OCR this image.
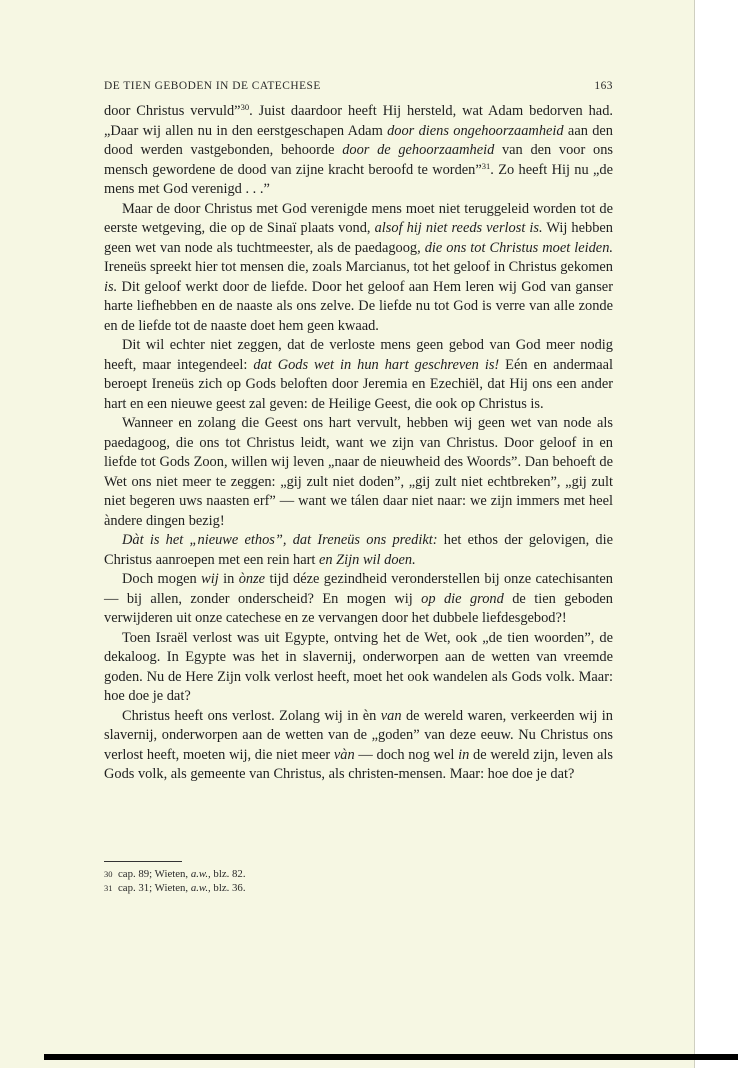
DE TIEN GEBODEN IN DE CATECHESE	163

door Christus vervuld”$^{30}$. Juist daardoor heeft Hij hersteld, wat Adam bedorven had. „Daar wij allen nu in den eerstgeschapen Adam door diens ongehoorzaamheid aan den dood werden vastgebonden, behoorde door de gehoorzaamheid van den voor ons mensch gewordene de dood van zijne kracht beroofd te worden”$^{31}$. Zo heeft Hij nu „de mens met God verenigd . . .”

Maar de door Christus met God verenigde mens moet niet teruggeleid worden tot de eerste wetgeving, die op de Sinaï plaats vond, alsof hij niet reeds verlost is. Wij hebben geen wet van node als tuchtmeester, als de paedagoog, die ons tot Christus moet leiden. Ireneüs spreekt hier tot mensen die, zoals Marcianus, tot het geloof in Christus gekomen is. Dit geloof werkt door de liefde. Door het geloof aan Hem leren wij God van ganser harte liefhebben en de naaste als ons zelve. De liefde nu tot God is verre van alle zonde en de liefde tot de naaste doet hem geen kwaad.

Dit wil echter niet zeggen, dat de verloste mens geen gebod van God meer nodig heeft, maar integendeel: dat Gods wet in hun hart geschreven is! Eén en andermaal beroept Ireneüs zich op Gods beloften door Jeremia en Ezechiël, dat Hij ons een ander hart en een nieuwe geest zal geven: de Heilige Geest, die ook op Christus is.

Wanneer en zolang die Geest ons hart vervult, hebben wij geen wet van node als paedagoog, die ons tot Christus leidt, want we zijn van Christus. Door geloof in en liefde tot Gods Zoon, willen wij leven „naar de nieuwheid des Woords”. Dan behoeft de Wet ons niet meer te zeggen: „gij zult niet doden”, „gij zult niet echtbreken”, „gij zult niet begeren uws naasten erf” — want we tálen daar niet naar: we zijn immers met heel àndere dingen bezig!

Dàt is het „nieuwe ethos”, dat Ireneüs ons predikt: het ethos der gelovigen, die Christus aanroepen met een rein hart en Zijn wil doen.

Doch mogen wij in ònze tijd déze gezindheid veronderstellen bij onze catechisanten — bij allen, zonder onderscheid? En mogen wij op die grond de tien geboden verwijderen uit onze catechese en ze vervangen door het dubbele liefdesgebod?!

Toen Israël verlost was uit Egypte, ontving het de Wet, ook „de tien woorden”, de dekaloog. In Egypte was het in slavernij, onderworpen aan de wetten van vreemde goden. Nu de Here Zijn volk verlost heeft, moet het ook wandelen als Gods volk. Maar: hoe doe je dat?

Christus heeft ons verlost. Zolang wij in èn van de wereld waren, verkeerden wij in slavernij, onderworpen aan de wetten van de „goden” van deze eeuw. Nu Christus ons verlost heeft, moeten wij, die niet meer vàn — doch nog wel in de wereld zijn, leven als Gods volk, als gemeente van Christus, als christen-mensen. Maar: hoe doe je dat?

30 cap. 89; Wieten, a.w., blz. 82.
31 cap. 31; Wieten, a.w., blz. 36.
